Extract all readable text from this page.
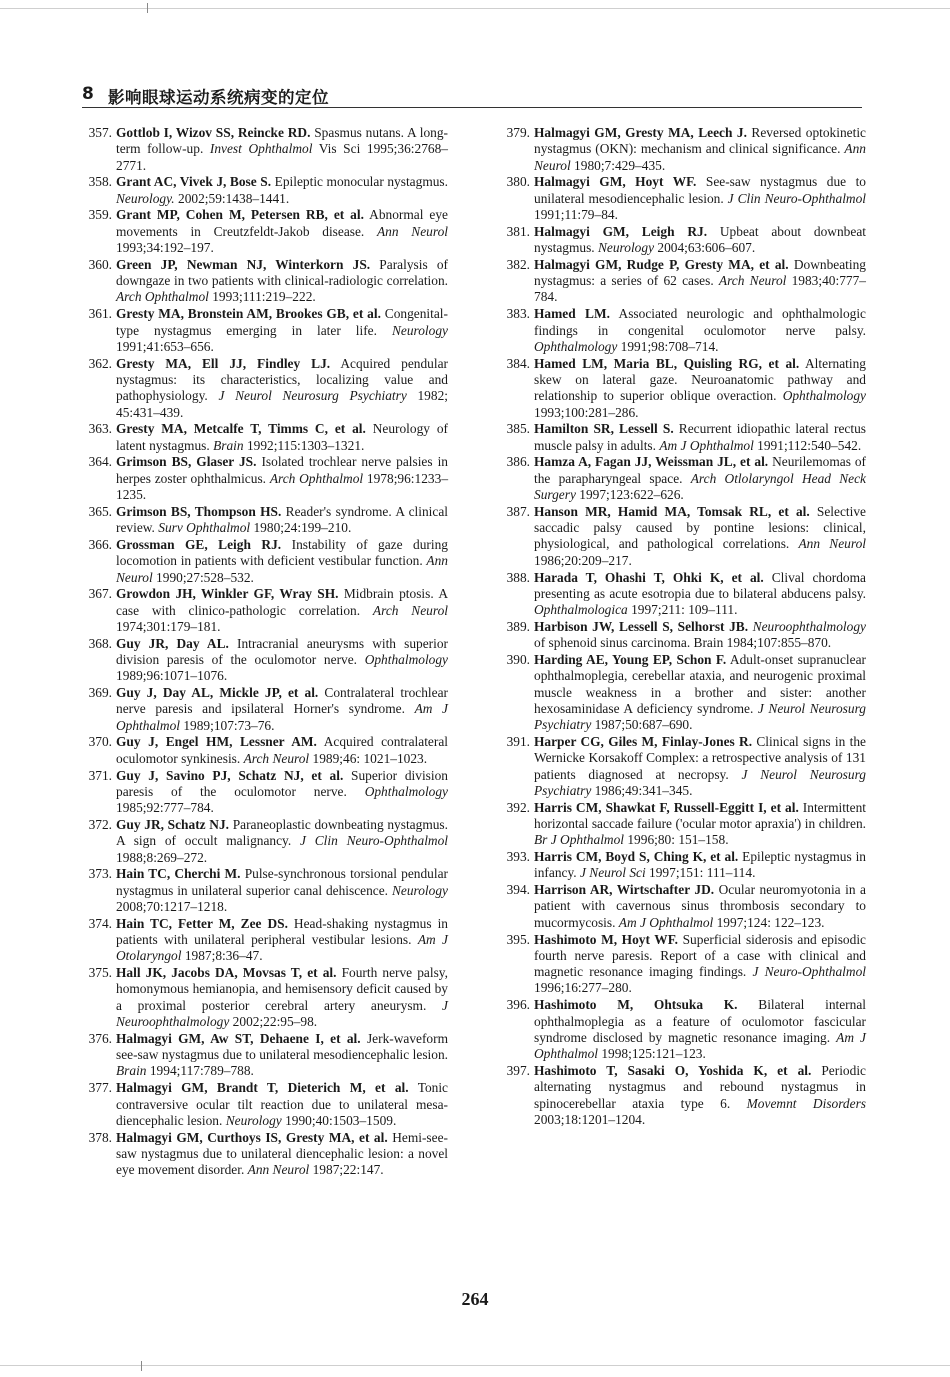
8 影响眼球运动系统病变的定位
357. Gottlob I, Wizov SS, Reincke RD. Spasmus nutans. A long-term follow-up. Invest Ophthalmol Vis Sci 1995;36:2768–2771.
358. Grant AC, Vivek J, Bose S. Epileptic monocular nystagmus. Neurology. 2002;59:1438–1441.
359. Grant MP, Cohen M, Petersen RB, et al. Abnormal eye movements in Creutzfeldt-Jakob disease. Ann Neurol 1993;34:192–197.
360. Green JP, Newman NJ, Winterkorn JS. Paralysis of downgaze in two patients with clinical-radiologic correlation. Arch Ophthalmol 1993;111:219–222.
361. Gresty MA, Bronstein AM, Brookes GB, et al. Congenital-type nystagmus emerging in later life. Neurology 1991;41:653–656.
362. Gresty MA, Ell JJ, Findley LJ. Acquired pendular nystagmus: its characteristics, localizing value and pathophysiology. J Neurol Neurosurg Psychiatry 1982; 45:431–439.
363. Gresty MA, Metcalfe T, Timms C, et al. Neurology of latent nystagmus. Brain 1992;115:1303–1321.
364. Grimson BS, Glaser JS. Isolated trochlear nerve palsies in herpes zoster ophthalmicus. Arch Ophthalmol 1978;96:1233–1235.
365. Grimson BS, Thompson HS. Reader's syndrome. A clinical review. Surv Ophthalmol 1980;24:199–210.
366. Grossman GE, Leigh RJ. Instability of gaze during locomotion in patients with deficient vestibular function. Ann Neurol 1990;27:528–532.
367. Growdon JH, Winkler GF, Wray SH. Midbrain ptosis. A case with clinico-pathologic correlation. Arch Neurol 1974;301:179–181.
368. Guy JR, Day AL. Intracranial aneurysms with superior division paresis of the oculomotor nerve. Ophthalmology 1989;96:1071–1076.
369. Guy J, Day AL, Mickle JP, et al. Contralateral trochlear nerve paresis and ipsilateral Horner's syndrome. Am J Ophthalmol 1989;107:73–76.
370. Guy J, Engel HM, Lessner AM. Acquired contralateral oculomotor synkinesis. Arch Neurol 1989;46: 1021–1023.
371. Guy J, Savino PJ, Schatz NJ, et al. Superior division paresis of the oculomotor nerve. Ophthalmology 1985;92:777–784.
372. Guy JR, Schatz NJ. Paraneoplastic downbeating nystagmus. A sign of occult malignancy. J Clin Neuro-Ophthalmol 1988;8:269–272.
373. Hain TC, Cherchi M. Pulse-synchronous torsional pendular nystagmus in unilateral superior canal dehiscence. Neurology 2008;70:1217–1218.
374. Hain TC, Fetter M, Zee DS. Head-shaking nystagmus in patients with unilateral peripheral vestibular lesions. Am J Otolaryngol 1987;8:36–47.
375. Hall JK, Jacobs DA, Movsas T, et al. Fourth nerve palsy, homonymous hemianopia, and hemisensory deficit caused by a proximal posterior cerebral artery aneurysm. J Neuroophthalmology 2002;22:95–98.
376. Halmagyi GM, Aw ST, Dehaene I, et al. Jerk-waveform see-saw nystagmus due to unilateral mesodiencephalic lesion. Brain 1994;117:789–788.
377. Halmagyi GM, Brandt T, Dieterich M, et al. Tonic contraversive ocular tilt reaction due to unilateral mesa-diencephalic lesion. Neurology 1990;40:1503–1509.
378. Halmagyi GM, Curthoys IS, Gresty MA, et al. Hemi-see-saw nystagmus due to unilateral diencephalic lesion: a novel eye movement disorder. Ann Neurol 1987;22:147.
379. Halmagyi GM, Gresty MA, Leech J. Reversed optokinetic nystagmus (OKN): mechanism and clinical significance. Ann Neurol 1980;7:429–435.
380. Halmagyi GM, Hoyt WF. See-saw nystagmus due to unilateral mesodiencephalic lesion. J Clin Neuro-Ophthalmol 1991;11:79–84.
381. Halmagyi GM, Leigh RJ. Upbeat about downbeat nystagmus. Neurology 2004;63:606–607.
382. Halmagyi GM, Rudge P, Gresty MA, et al. Downbeating nystagmus: a series of 62 cases. Arch Neurol 1983;40:777–784.
383. Hamed LM. Associated neurologic and ophthalmologic findings in congenital oculomotor nerve palsy. Ophthalmology 1991;98:708–714.
384. Hamed LM, Maria BL, Quisling RG, et al. Alternating skew on lateral gaze. Neuroanatomic pathway and relationship to superior oblique overaction. Ophthalmology 1993;100:281–286.
385. Hamilton SR, Lessell S. Recurrent idiopathic lateral rectus muscle palsy in adults. Am J Ophthalmol 1991;112:540–542.
386. Hamza A, Fagan JJ, Weissman JL, et al. Neurilemomas of the parapharyngeal space. Arch Otlolaryngol Head Neck Surgery 1997;123:622–626.
387. Hanson MR, Hamid MA, Tomsak RL, et al. Selective saccadic palsy caused by pontine lesions: clinical, physiological, and pathological correlations. Ann Neurol 1986;20:209–217.
388. Harada T, Ohashi T, Ohki K, et al. Clival chordoma presenting as acute esotropia due to bilateral abducens palsy. Ophthalmologica 1997;211: 109–111.
389. Harbison JW, Lessell S, Selhorst JB. Neuroophthalmology of sphenoid sinus carcinoma. Brain 1984;107:855–870.
390. Harding AE, Young EP, Schon F. Adult-onset supranuclear ophthalmoplegia, cerebellar ataxia, and neurogenic proximal muscle weakness in a brother and sister: another hexosaminidase A deficiency syndrome. J Neurol Neurosurg Psychiatry 1987;50:687–690.
391. Harper CG, Giles M, Finlay-Jones R. Clinical signs in the Wernicke Korsakoff Complex: a retrospective analysis of 131 patients diagnosed at necropsy. J Neurol Neurosurg Psychiatry 1986;49:341–345.
392. Harris CM, Shawkat F, Russell-Eggitt I, et al. Intermittent horizontal saccade failure ('ocular motor apraxia') in children. Br J Ophthalmol 1996;80: 151–158.
393. Harris CM, Boyd S, Ching K, et al. Epileptic nystagmus in infancy. J Neurol Sci 1997;151: 111–114.
394. Harrison AR, Wirtschafter JD. Ocular neuromyotonia in a patient with cavernous sinus thrombosis secondary to mucormycosis. Am J Ophthalmol 1997;124: 122–123.
395. Hashimoto M, Hoyt WF. Superficial siderosis and episodic fourth nerve paresis. Report of a case with clinical and magnetic resonance imaging findings. J Neuro-Ophthalmol 1996;16:277–280.
396. Hashimoto M, Ohtsuka K. Bilateral internal ophthalmoplegia as a feature of oculomotor fascicular syndrome disclosed by magnetic resonance imaging. Am J Ophthalmol 1998;125:121–123.
397. Hashimoto T, Sasaki O, Yoshida K, et al. Periodic alternating nystagmus and rebound nystagmus in spinocerebellar ataxia type 6. Movemnt Disorders 2003;18:1201–1204.
264
